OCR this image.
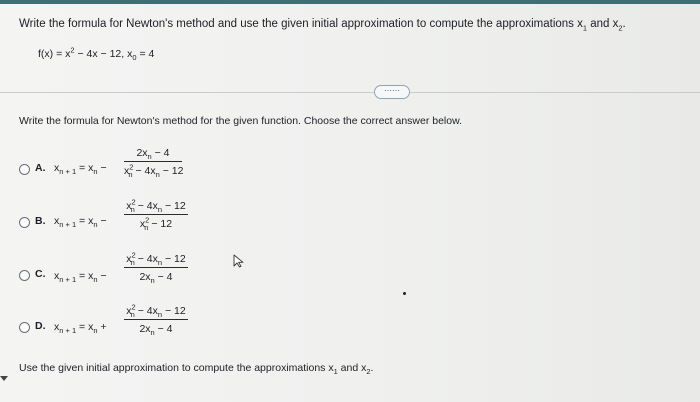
Write the formula for Newton's method and use the given initial approximation to compute the approximations $x_1$ and $x_2$.
$f(x) = x^2 - 4x - 12$, $x_0 = 4$
⋯⋯
Write the formula for Newton's method for the given function. Choose the correct answer below.
A. $x_{n + 1} = x_n$ −
$2x_n - 4$
$x^2_n - 4x_n - 12$
B. $x_{n + 1} = x_n$ −
$x^2_n - 4x_n - 12$
$x^2_n - 12$
C. $x_{n + 1} = x_n$ −
$x^2_n - 4x_n - 12$
$2x_n - 4$
D. $x_{n + 1} = x_n$ +
$x^2_n - 4x_n - 12$
$2x_n - 4$
Use the given initial approximation to compute the approximations $x_1$ and $x_2$.
